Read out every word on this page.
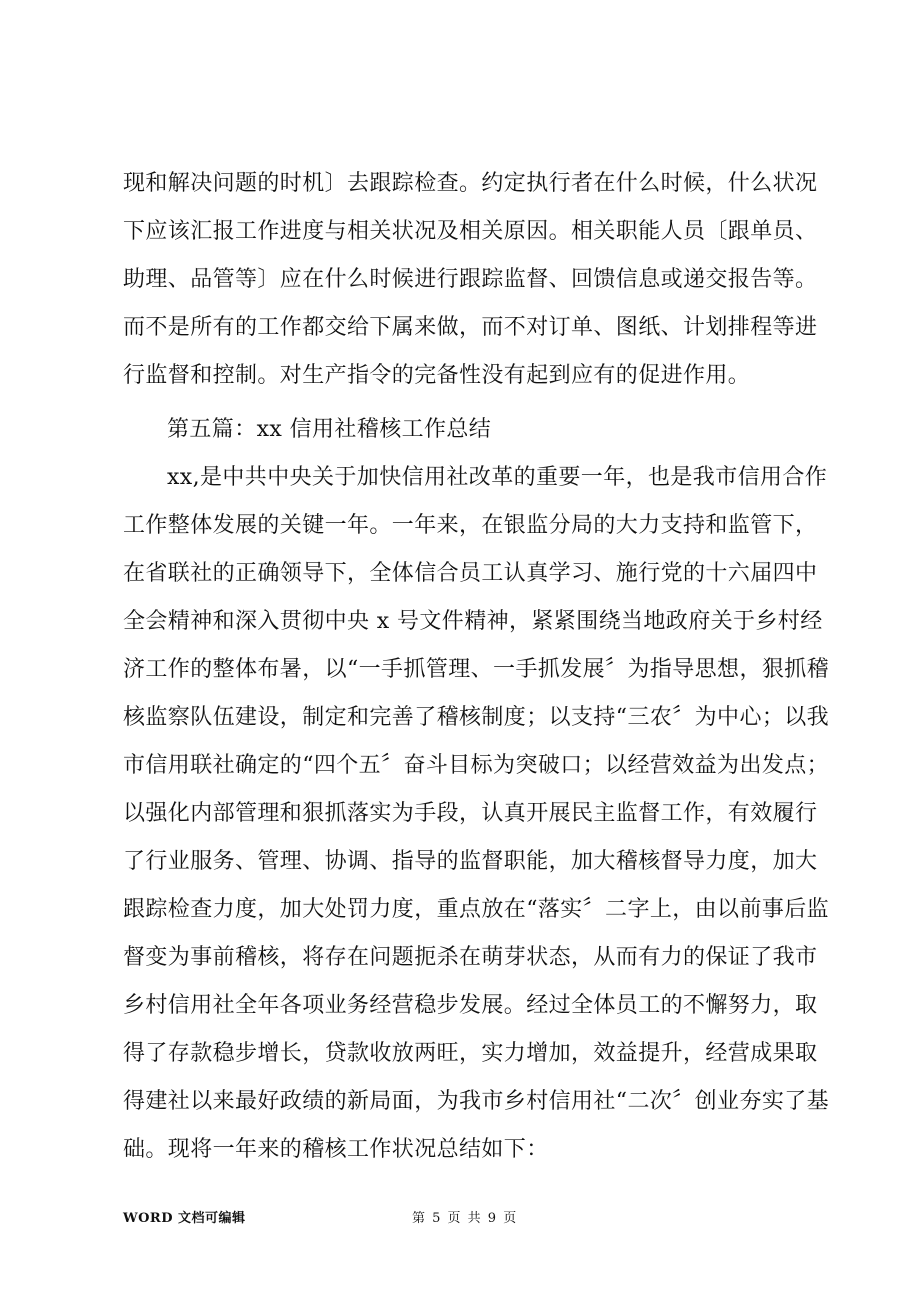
现和解决问题的时机〕去跟踪检查。约定执行者在什么时候，什么状况
下应该汇报工作进度与相关状况及相关原因。相关职能人员〔跟单员、
助理、品管等〕应在什么时候进行跟踪监督、回馈信息或递交报告等。
而不是所有的工作都交给下属来做，而不对订单、图纸、计划排程等进
行监督和控制。对生产指令的完备性没有起到应有的促进作用。
第五篇：xx 信用社稽核工作总结
xx,是中共中央关于加快信用社改革的重要一年，也是我市信用合作
工作整体发展的关键一年。一年来，在银监分局的大力支持和监管下，
在省联社的正确领导下，全体信合员工认真学习、施行党的十六届四中
全会精神和深入贯彻中央 x 号文件精神，紧紧围绕当地政府关于乡村经
济工作的整体布暑，以“一手抓管理、一手抓发展〞为指导思想，狠抓稽
核监察队伍建设，制定和完善了稽核制度；以支持“三农〞为中心；以我
市信用联社确定的“四个五〞奋斗目标为突破口；以经营效益为出发点；
以强化内部管理和狠抓落实为手段，认真开展民主监督工作，有效履行
了行业服务、管理、协调、指导的监督职能，加大稽核督导力度，加大
跟踪检查力度，加大处罚力度，重点放在“落实〞二字上，由以前事后监
督变为事前稽核，将存在问题扼杀在萌芽状态，从而有力的保证了我市
乡村信用社全年各项业务经营稳步发展。经过全体员工的不懈努力，取
得了存款稳步增长，贷款收放两旺，实力增加，效益提升，经营成果取
得建社以来最好政绩的新局面，为我市乡村信用社“二次〞创业夯实了基
础。现将一年来的稽核工作状况总结如下：
WORD 文档可编辑	第 5 页 共 9 页
